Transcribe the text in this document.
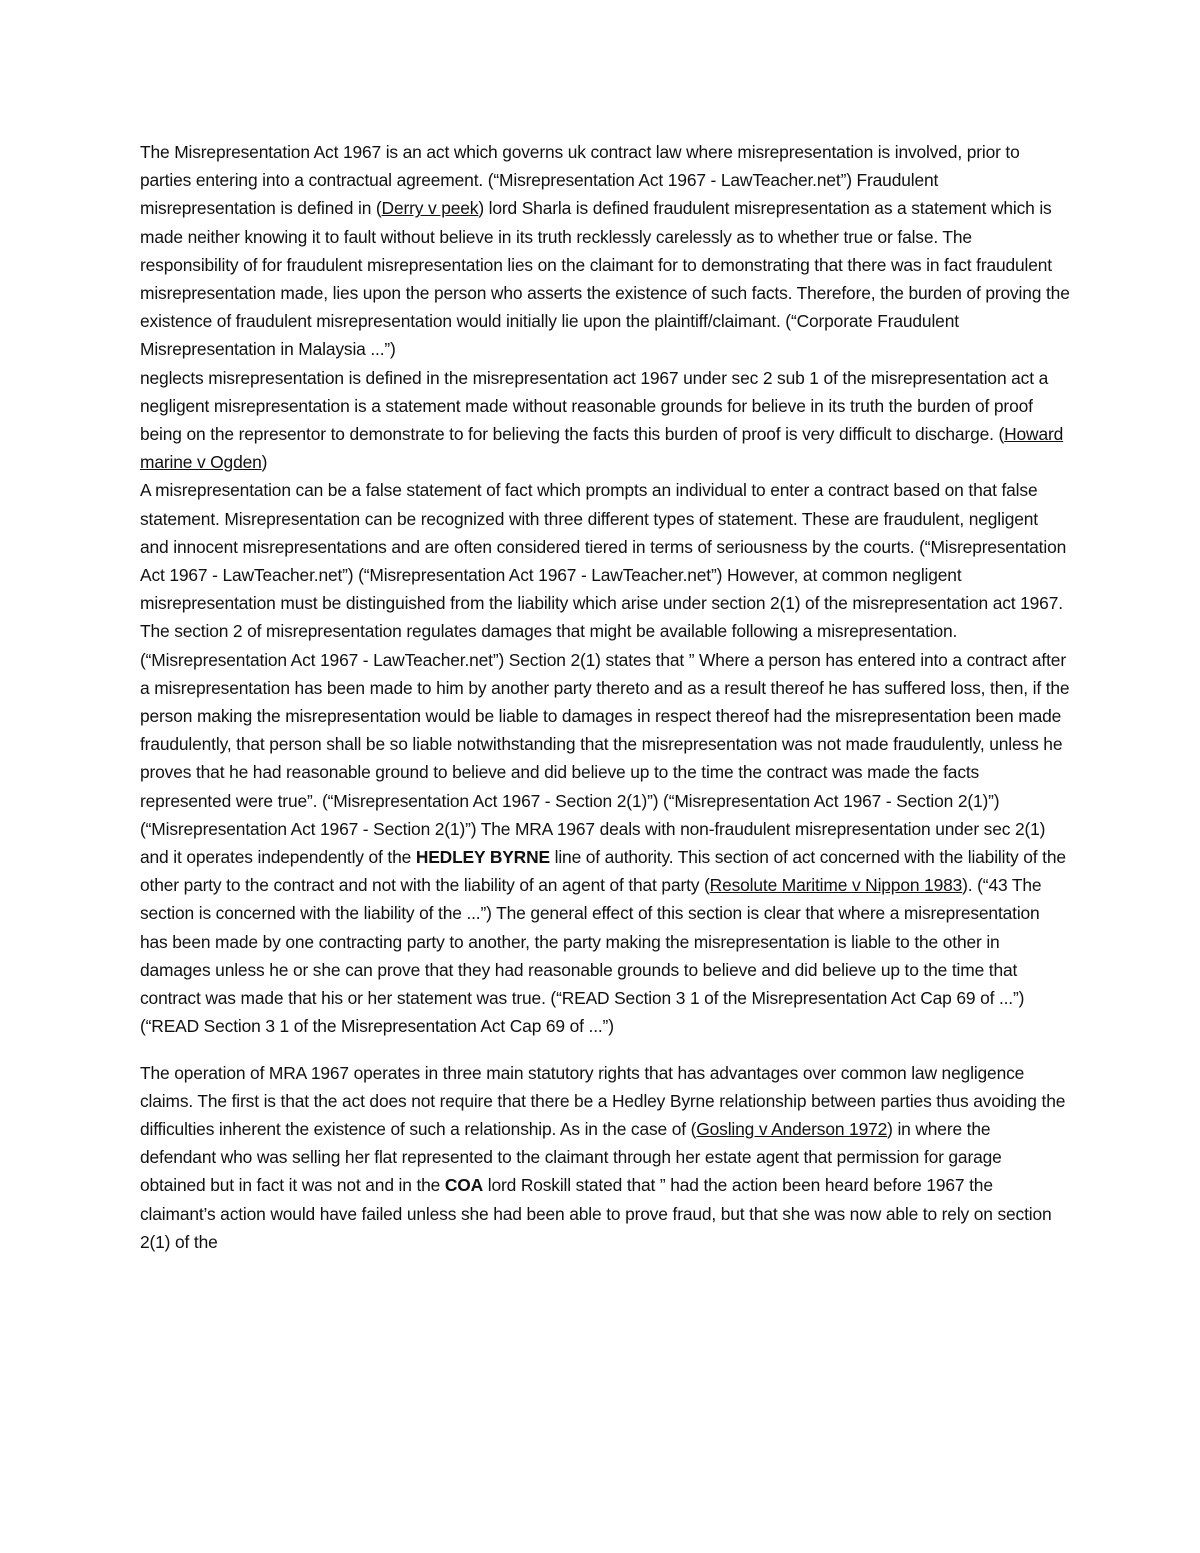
The Misrepresentation Act 1967 is an act which governs uk contract law where misrepresentation is involved, prior to parties entering into a contractual agreement. (“Misrepresentation Act 1967 - LawTeacher.net”) Fraudulent misrepresentation is defined in (Derry v peek) lord Sharla is defined fraudulent misrepresentation as a statement which is made neither knowing it to fault without believe in its truth recklessly carelessly as to whether true or false. The responsibility of for fraudulent misrepresentation lies on the claimant for to demonstrating that there was in fact fraudulent misrepresentation made, lies upon the person who asserts the existence of such facts. Therefore, the burden of proving the existence of fraudulent misrepresentation would initially lie upon the plaintiff/claimant. (“Corporate Fraudulent Misrepresentation in Malaysia ...”)

neglects misrepresentation is defined in the misrepresentation act 1967 under sec 2 sub 1 of the misrepresentation act a negligent misrepresentation is a statement made without reasonable grounds for believe in its truth the burden of proof being on the representor to demonstrate to for believing the facts this burden of proof is very difficult to discharge. (Howard marine v Ogden)

A misrepresentation can be a false statement of fact which prompts an individual to enter a contract based on that false statement. Misrepresentation can be recognized with three different types of statement. These are fraudulent, negligent and innocent misrepresentations and are often considered tiered in terms of seriousness by the courts. (“Misrepresentation Act 1967 - LawTeacher.net”) (“Misrepresentation Act 1967 - LawTeacher.net”) However, at common negligent misrepresentation must be distinguished from the liability which arise under section 2(1) of the misrepresentation act 1967. The section 2 of misrepresentation regulates damages that might be available following a misrepresentation. (“Misrepresentation Act 1967 - LawTeacher.net”) Section 2(1) states that ” Where a person has entered into a contract after a misrepresentation has been made to him by another party thereto and as a result thereof he has suffered loss, then, if the person making the misrepresentation would be liable to damages in respect thereof had the misrepresentation been made fraudulently, that person shall be so liable notwithstanding that the misrepresentation was not made fraudulently, unless he proves that he had reasonable ground to believe and did believe up to the time the contract was made the facts represented were true”. (“Misrepresentation Act 1967 - Section 2(1)”) (“Misrepresentation Act 1967 - Section 2(1)”) (“Misrepresentation Act 1967 - Section 2(1)”) The MRA 1967 deals with non-fraudulent misrepresentation under sec 2(1) and it operates independently of the HEDLEY BYRNE line of authority. This section of act concerned with the liability of the other party to the contract and not with the liability of an agent of that party (Resolute Maritime v Nippon 1983). (“43 The section is concerned with the liability of the ...”) The general effect of this section is clear that where a misrepresentation has been made by one contracting party to another, the party making the misrepresentation is liable to the other in damages unless he or she can prove that they had reasonable grounds to believe and did believe up to the time that contract was made that his or her statement was true. (“READ Section 3 1 of the Misrepresentation Act Cap 69 of ...”) (“READ Section 3 1 of the Misrepresentation Act Cap 69 of ...”)

The operation of MRA 1967 operates in three main statutory rights that has advantages over common law negligence claims. The first is that the act does not require that there be a Hedley Byrne relationship between parties thus avoiding the difficulties inherent the existence of such a relationship. As in the case of (Gosling v Anderson 1972) in where the defendant who was selling her flat represented to the claimant through her estate agent that permission for garage obtained but in fact it was not and in the COA lord Roskill stated that ” had the action been heard before 1967 the claimant’s action would have failed unless she had been able to prove fraud, but that she was now able to rely on section 2(1) of the
